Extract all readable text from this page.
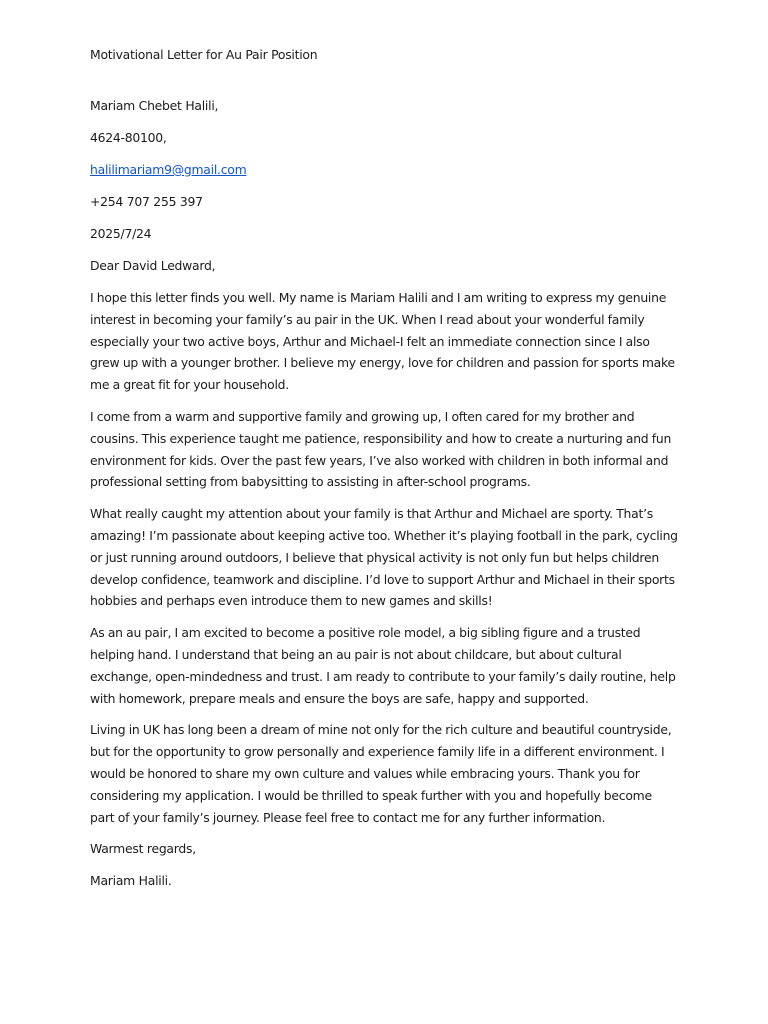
Motivational Letter for Au Pair Position

Mariam Chebet Halili,

4624-80100,

halilimariam9@gmail.com

+254 707 255 397

2025/7/24

Dear David Ledward,

I hope this letter finds you well. My name is Mariam Halili and I am writing to express my genuine interest in becoming your family’s au pair in the UK. When I read about your wonderful family especially your two active boys, Arthur and Michael-I felt an immediate connection since I also grew up with a younger brother. I believe my energy, love for children and passion for sports make me a great fit for your household.

I come from a warm and supportive family and growing up, I often cared for my brother and cousins. This experience taught me patience, responsibility and how to create a nurturing and fun environment for kids. Over the past few years, I’ve also worked with children in both informal and professional setting from babysitting to assisting in after-school programs.

What really caught my attention about your family is that Arthur and Michael are sporty. That’s amazing! I’m passionate about keeping active too. Whether it’s playing football in the park, cycling or just running around outdoors, I believe that physical activity is not only fun but helps children develop confidence, teamwork and discipline. I’d love to support Arthur and Michael in their sports hobbies and perhaps even introduce them to new games and skills!

As an au pair, I am excited to become a positive role model, a big sibling figure and a trusted helping hand. I understand that being an au pair is not about childcare, but about cultural exchange, open-mindedness and trust. I am ready to contribute to your family’s daily routine, help with homework, prepare meals and ensure the boys are safe, happy and supported.

Living in UK has long been a dream of mine not only for the rich culture and beautiful countryside, but for the opportunity to grow personally and experience family life in a different environment. I would be honored to share my own culture and values while embracing yours. Thank you for considering my application. I would be thrilled to speak further with you and hopefully become part of your family’s journey. Please feel free to contact me for any further information.

Warmest regards,

Mariam Halili.
